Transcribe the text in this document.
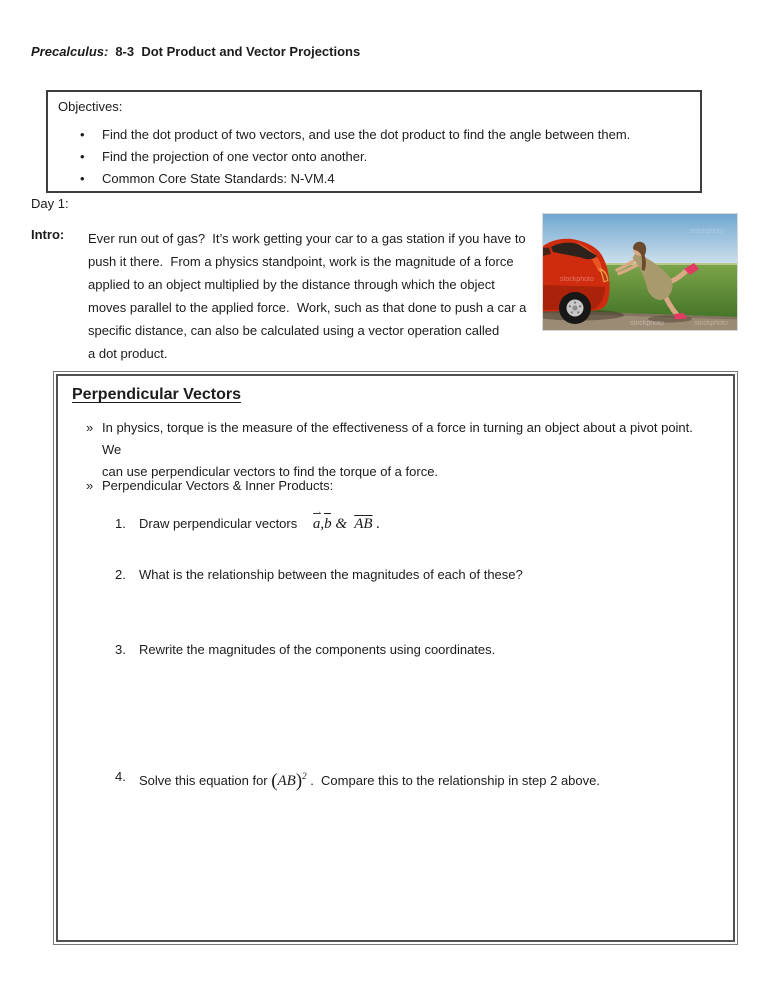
Precalculus: 8-3  Dot Product and Vector Projections
Objectives:
• Find the dot product of two vectors, and use the dot product to find the angle between them.
• Find the projection of one vector onto another.
• Common Core State Standards: N-VM.4
Day 1:
Intro: Ever run out of gas?  It’s work getting your car to a gas station if you have to
push it there.  From a physics standpoint, work is the magnitude of a force
applied to an object multiplied by the distance through which the object
moves parallel to the applied force.  Work, such as that done to push a car a
specific distance, can also be calculated using a vector operation called
a dot product.
stockphoto
stockphoto	stockphoto
stockphoto
Perpendicular Vectors
» In physics, torque is the measure of the effectiveness of a force in turning an object about a pivot point.  We
can use perpendicular vectors to find the torque of a force.
» Perpendicular Vectors & Inner Products:
1. Draw perpendicular vectors a ⇀,b & $\overline{AB}$ .
2. What is the relationship between the magnitudes of each of these?
3. Rewrite the magnitudes of the components using coordinates.
4. Solve this equation for (AB)$^2$ .  Compare this to the relationship in step 2 above.
